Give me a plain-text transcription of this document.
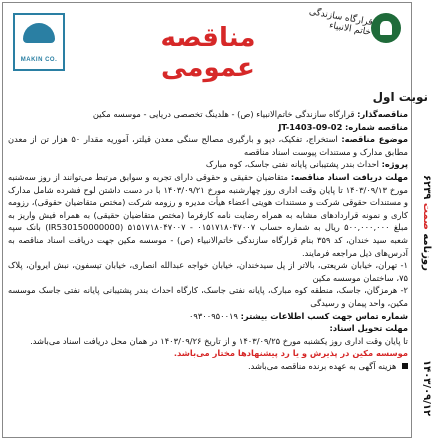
روزنامه صمت ۶۲۳۹
۱۴۰۳/۰۹/۱۲
قرارگاه سازندگی خاتم الانبیاء
مناقصه عمومی
MAKIN CO.
نوبت اول

مناقصه‌گذار: قرارگاه سازندگی خاتم‌الانبیاء (ص) - هلدینگ تخصصی دریایی - موسسه مکین

مناقصه شماره: JT-1403-09-02

موضوع مناقصه: استخراج، تفکیک، دپو و بارگیری مصالح سنگی معدن قیلتر، آموریه مقدار ۵۰ هزار تن از معدن مطابق مدارک و مستندات پیوست اسناد مناقصه

پروژه: احداث بندر پشتیبانی پایانه نفتی جاسک، کوه مبارک

مهلت دریافت اسناد مناقصه: متقاضیان حقیقی و حقوقی دارای تجربه و سوابق مرتبط می‌توانند از روز سه‌شنبه مورخ ۱۴۰۳/۰۹/۱۳ تا پایان وقت اداری روز چهارشنبه مورخ ۱۴۰۳/۰۹/۲۱ با در دست داشتن لوح فشرده شامل مدارک و مستندات حقوقی شرکت و مستندات هویتی اعضاء هیأت مدیره و رزومه شرکت (مختص متقاضیان حقوقی)، رزومه کاری و نمونه قراردادهای مشابه به همراه رضایت نامه کارفرما (مختص متقاضیان حقیقی) به همراه فیش واریز به مبلغ ۵۰۰,۰۰۰,۰۰۰ ریال به شماره حساب ۰۱۵۱۷۱۸۰۴۷۰۰۷ - ۵۱۵۱۷۱۸۰۴۷۰۰۷ (IR530150000000) بانک سپه شعبه سید خندان، کد ۳۵۹ بنام قرارگاه سازندگی خاتم‌الانبیاء (ص) - موسسه مکین جهت دریافت اسناد مناقصه به آدرس‌های ذیل مراجعه فرمایند.

۱- تهران، خیابان شریعتی، بالاتر از پل سیدخندان، خیابان خواجه عبدالله انصاری، خیابان تیسفون، نبش ایروان، پلاک ۷۵، ساختمان موسسه مکین

۲- هرمزگان، جاسک، منطقه کوه مبارک، پایانه نفتی جاسک، کارگاه احداث بندر پشتیبانی پایانه نفتی جاسک موسسه مکین، واحد پیمان و رسیدگی

شماره تماس جهت کسب اطلاعات بیشتر: ۰۹۳۰۰۹۵۰۰۱۹

مهلت تحویل اسناد:

تا پایان وقت اداری روز یکشنبه مورخ ۱۴۰۳/۰۹/۲۵ و از تاریخ ۱۴۰۳/۰۹/۲۶ در همان محل دریافت اسناد می‌باشد.

موسسه مکین در پذیرش و یا رد پیشنهادها مختار می‌باشد.

هزینه آگهی به عهده برنده مناقصه می‌باشد.
